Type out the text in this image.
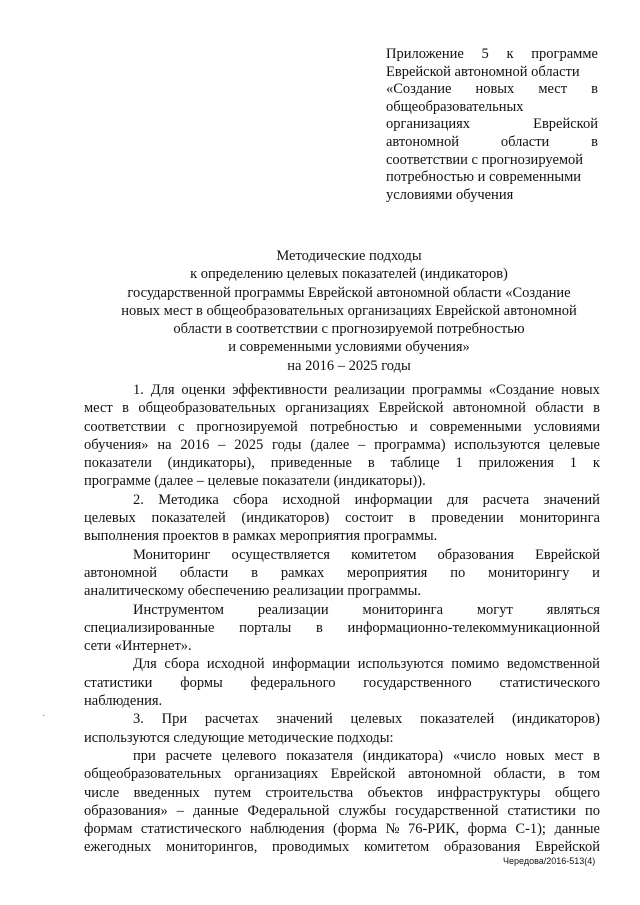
Приложение 5 к программе
Еврейской автономной области
«Создание новых мест в
общеобразовательных
организациях	Еврейской
автономной	области	в
соответствии с прогнозируемой
потребностью и современными
условиями обучения
Методические подходы
к определению целевых показателей (индикаторов)
государственной программы Еврейской автономной области «Создание
новых мест в общеобразовательных организациях Еврейской автономной
области в соответствии с прогнозируемой потребностью
и современными условиями обучения»
на 2016 – 2025 годы
1. Для оценки эффективности реализации программы «Создание новых
мест в общеобразовательных организациях Еврейской автономной области в
соответствии с прогнозируемой потребностью и современными условиями
обучения» на 2016 – 2025 годы (далее – программа) используются целевые
показатели (индикаторы), приведенные в таблице 1 приложения 1 к
программе (далее – целевые показатели (индикаторы)).
2. Методика сбора исходной информации для расчета значений
целевых показателей (индикаторов) состоит в проведении мониторинга
выполнения проектов в рамках мероприятия программы.
Мониторинг осуществляется комитетом образования Еврейской
автономной области в рамках мероприятия по мониторингу и
аналитическому обеспечению реализации программы.
Инструментом реализации мониторинга могут являться
специализированные порталы в информационно-телекоммуникационной
сети «Интернет».
Для сбора исходной информации используются помимо ведомственной
статистики формы федерального государственного статистического
наблюдения.
3. При расчетах значений целевых показателей (индикаторов)
используются следующие методические подходы:
при расчете целевого показателя (индикатора) «число новых мест в
общеобразовательных организациях Еврейской автономной области, в том
числе введенных путем строительства объектов инфраструктуры общего
образования» – данные Федеральной службы государственной статистики по
формам статистического наблюдения (форма № 76-РИК, форма С-1); данные
ежегодных мониторингов, проводимых комитетом образования Еврейской
·
Чередова/2016-513(4)
